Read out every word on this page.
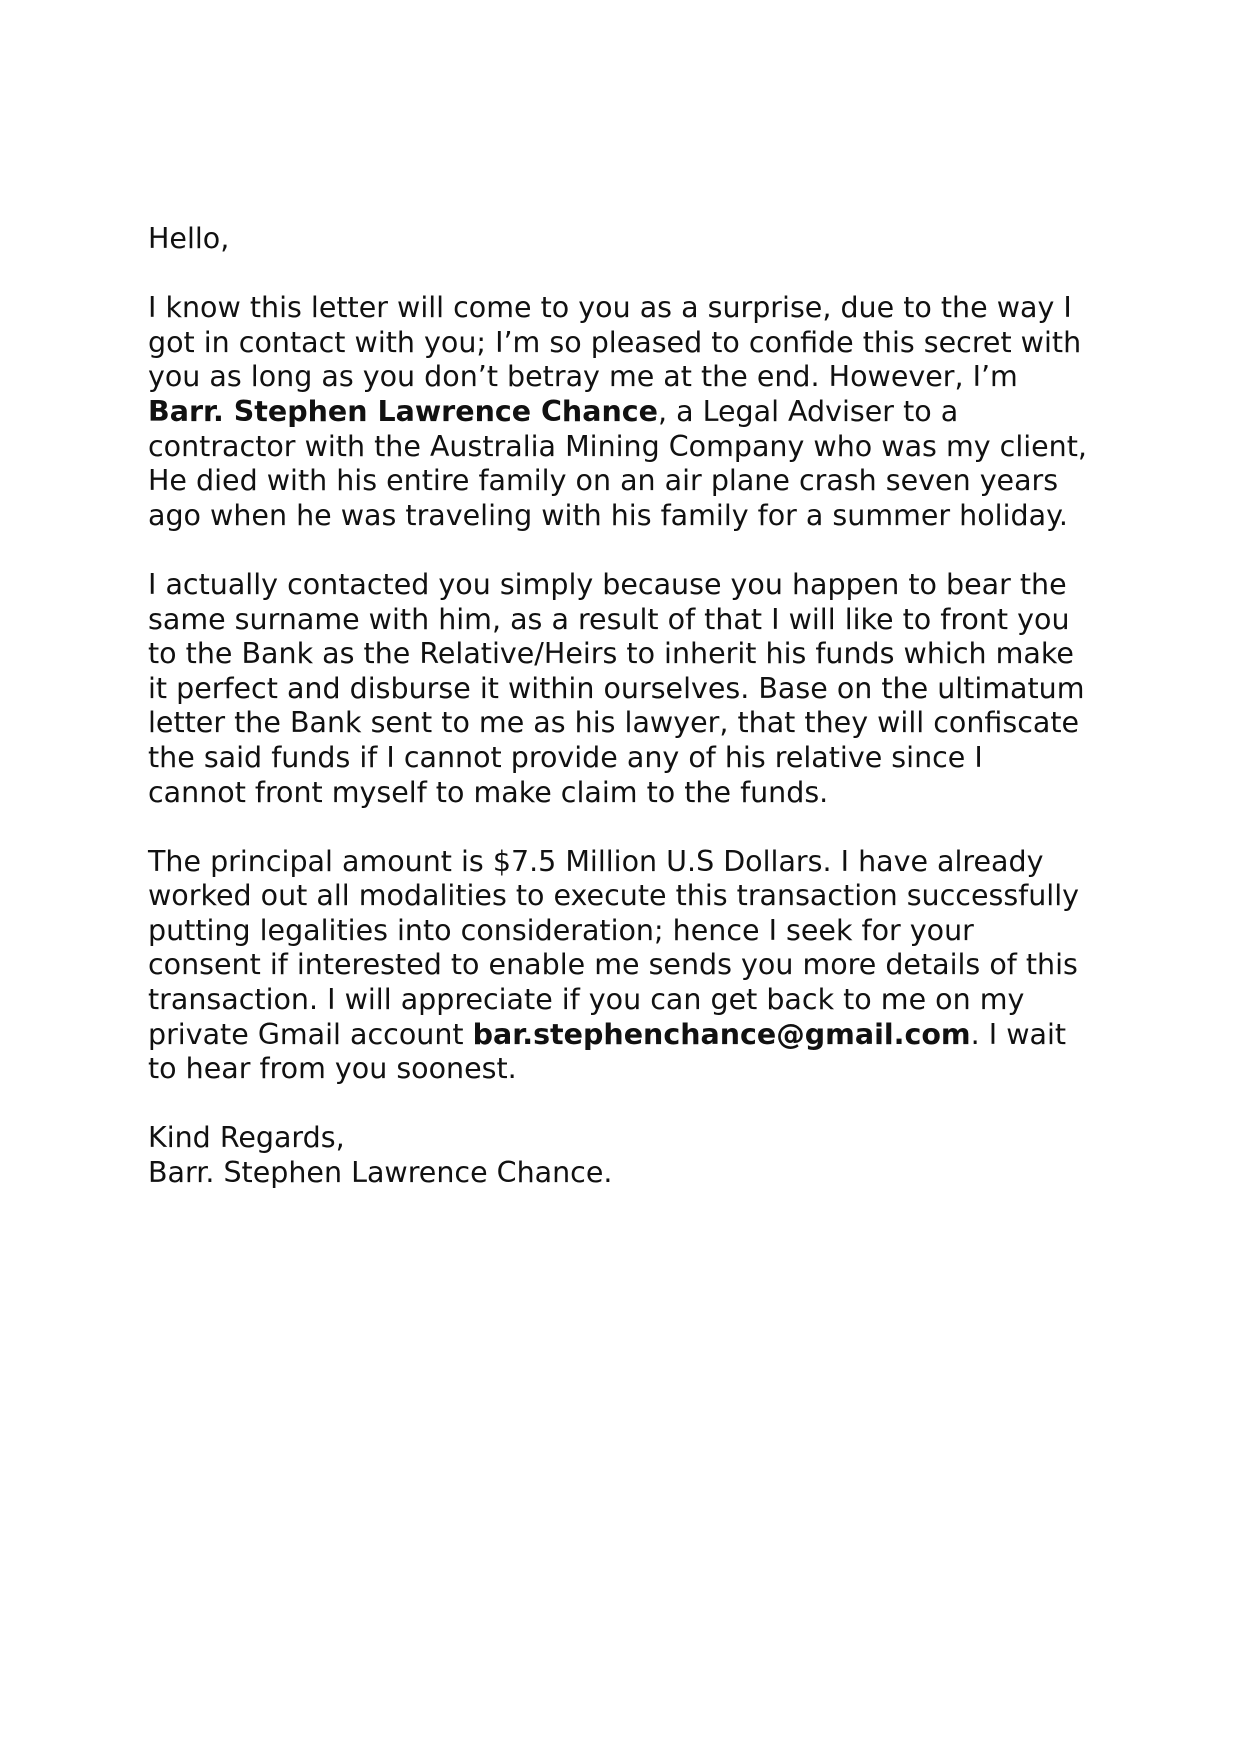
Hello,

I know this letter will come to you as a surprise, due to the way I
got in contact with you; I’m so pleased to confide this secret with
you as long as you don’t betray me at the end. However, I’m
Barr. Stephen Lawrence Chance, a Legal Adviser to a
contractor with the Australia Mining Company who was my client,
He died with his entire family on an air plane crash seven years
ago when he was traveling with his family for a summer holiday.

I actually contacted you simply because you happen to bear the
same surname with him, as a result of that I will like to front you
to the Bank as the Relative/Heirs to inherit his funds which make
it perfect and disburse it within ourselves. Base on the ultimatum
letter the Bank sent to me as his lawyer, that they will confiscate
the said funds if I cannot provide any of his relative since I
cannot front myself to make claim to the funds.

The principal amount is $7.5 Million U.S Dollars. I have already
worked out all modalities to execute this transaction successfully
putting legalities into consideration; hence I seek for your
consent if interested to enable me sends you more details of this
transaction. I will appreciate if you can get back to me on my
private Gmail account bar.stephenchance@gmail.com. I wait
to hear from you soonest.

Kind Regards,
Barr. Stephen Lawrence Chance.
